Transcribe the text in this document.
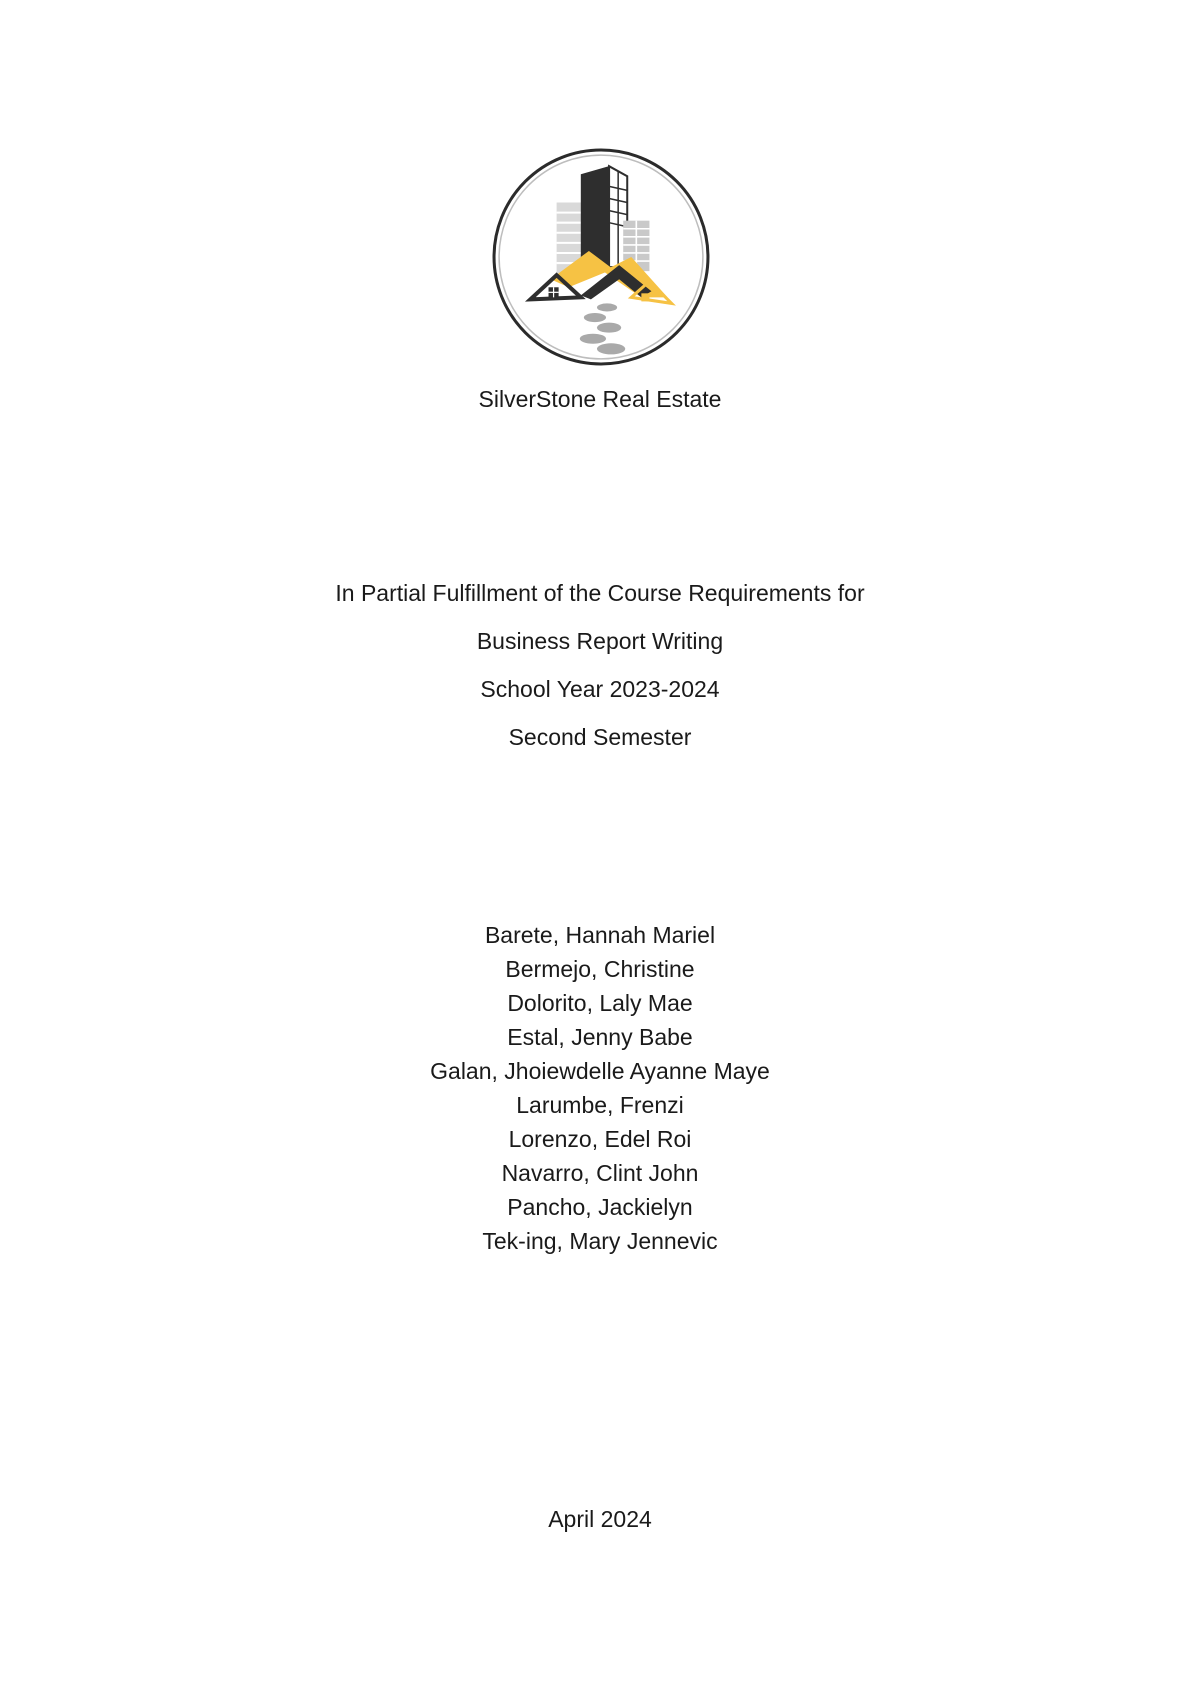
SilverStone Real Estate
In Partial Fulfillment of the Course Requirements for
Business Report Writing
School Year 2023-2024
Second Semester
Barete, Hannah Mariel
Bermejo, Christine
Dolorito, Laly Mae
Estal, Jenny Babe
Galan, Jhoiewdelle Ayanne Maye
Larumbe, Frenzi
Lorenzo, Edel Roi
Navarro, Clint John
Pancho, Jackielyn
Tek-ing, Mary Jennevic
April 2024
